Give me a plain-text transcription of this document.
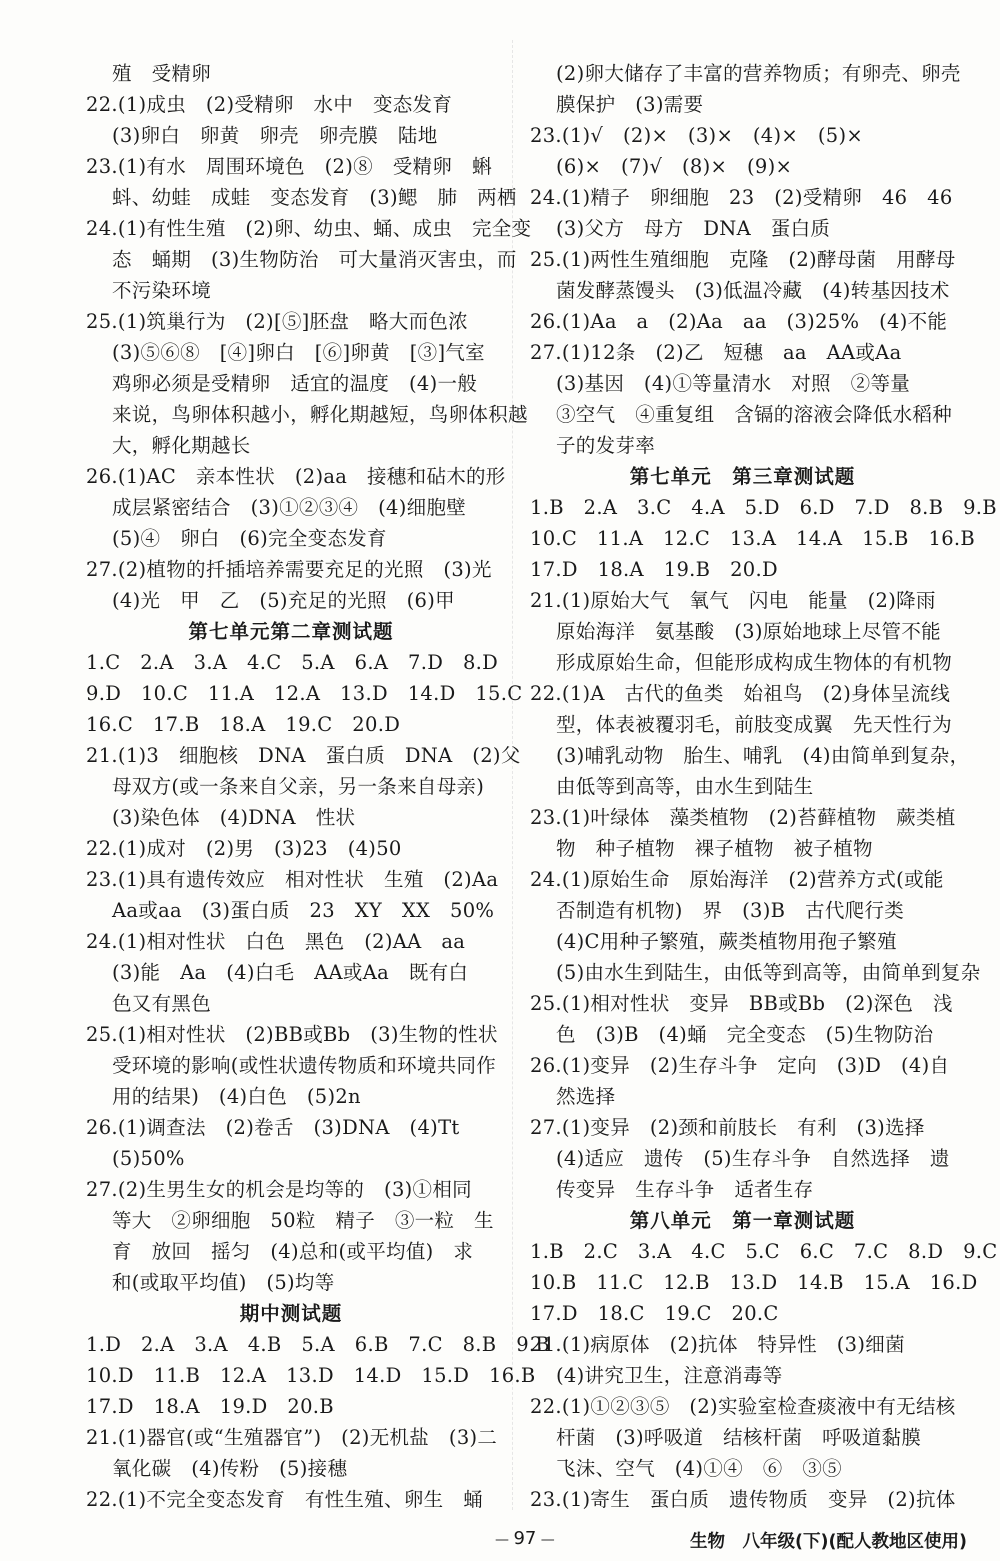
殖　受精卵
22.(1)成虫　(2)受精卵　水中　变态发育
(3)卵白　卵黄　卵壳　卵壳膜　陆地
23.(1)有水　周围环境色　(2)⑧　受精卵　蝌
蚪、幼蛙　成蛙　变态发育　(3)鳃　肺　两栖
24.(1)有性生殖　(2)卵、幼虫、蛹、成虫　完全变
态　蛹期　(3)生物防治　可大量消灭害虫，而
不污染环境
25.(1)筑巢行为　(2)[⑤]胚盘　略大而色浓
(3)⑤⑥⑧　[④]卵白　[⑥]卵黄　[③]气室
鸡卵必须是受精卵　适宜的温度　(4)一般
来说，鸟卵体积越小，孵化期越短，鸟卵体积越
大，孵化期越长
26.(1)AC　亲本性状　(2)aa　接穗和砧木的形
成层紧密结合　(3)①②③④　(4)细胞壁
(5)④　卵白　(6)完全变态发育
27.(2)植物的扦插培养需要充足的光照　(3)光
(4)光　甲　乙　(5)充足的光照　(6)甲
第七单元第二章测试题
1.C　2.A　3.A　4.C　5.A　6.A　7.D　8.D
9.D　10.C　11.A　12.A　13.D　14.D　15.C
16.C　17.B　18.A　19.C　20.D
21.(1)3　细胞核　DNA　蛋白质　DNA　(2)父
母双方(或一条来自父亲，另一条来自母亲)
(3)染色体　(4)DNA　性状
22.(1)成对　(2)男　(3)23　(4)50
23.(1)具有遗传效应　相对性状　生殖　(2)Aa
Aa或aa　(3)蛋白质　23　XY　XX　50%
24.(1)相对性状　白色　黑色　(2)AA　aa
(3)能　Aa　(4)白毛　AA或Aa　既有白
色又有黑色
25.(1)相对性状　(2)BB或Bb　(3)生物的性状
受环境的影响(或性状遗传物质和环境共同作
用的结果)　(4)白色　(5)2n
26.(1)调查法　(2)卷舌　(3)DNA　(4)Tt
(5)50%
27.(2)生男生女的机会是均等的　(3)①相同
等大　②卵细胞　50粒　精子　③一粒　生
育　放回　摇匀　(4)总和(或平均值)　求
和(或取平均值)　(5)均等
期中测试题
1.D　2.A　3.A　4.B　5.A　6.B　7.C　8.B　9.B
10.D　11.B　12.A　13.D　14.D　15.D　16.B
17.D　18.A　19.D　20.B
21.(1)器官(或“生殖器官”)　(2)无机盐　(3)二
氧化碳　(4)传粉　(5)接穗
22.(1)不完全变态发育　有性生殖、卵生　蛹
(2)卵大储存了丰富的营养物质；有卵壳、卵壳
膜保护　(3)需要
23.(1)√　(2)×　(3)×　(4)×　(5)×
(6)×　(7)√　(8)×　(9)×
24.(1)精子　卵细胞　23　(2)受精卵　46　46
(3)父方　母方　DNA　蛋白质
25.(1)两性生殖细胞　克隆　(2)酵母菌　用酵母
菌发酵蒸馒头　(3)低温冷藏　(4)转基因技术
26.(1)Aa　a　(2)Aa　aa　(3)25%　(4)不能
27.(1)12条　(2)乙　短穗　aa　AA或Aa
(3)基因　(4)①等量清水　对照　②等量
③空气　④重复组　含镉的溶液会降低水稻种
子的发芽率
第七单元　第三章测试题
1.B　2.A　3.C　4.A　5.D　6.D　7.D　8.B　9.B
10.C　11.A　12.C　13.A　14.A　15.B　16.B
17.D　18.A　19.B　20.D
21.(1)原始大气　氧气　闪电　能量　(2)降雨
原始海洋　氨基酸　(3)原始地球上尽管不能
形成原始生命，但能形成构成生物体的有机物
22.(1)A　古代的鱼类　始祖鸟　(2)身体呈流线
型，体表被覆羽毛，前肢变成翼　先天性行为
(3)哺乳动物　胎生、哺乳　(4)由简单到复杂，
由低等到高等，由水生到陆生
23.(1)叶绿体　藻类植物　(2)苔藓植物　蕨类植
物　种子植物　裸子植物　被子植物
24.(1)原始生命　原始海洋　(2)营养方式(或能
否制造有机物)　界　(3)B　古代爬行类
(4)C用种子繁殖，蕨类植物用孢子繁殖
(5)由水生到陆生，由低等到高等，由简单到复杂
25.(1)相对性状　变异　BB或Bb　(2)深色　浅
色　(3)B　(4)蛹　完全变态　(5)生物防治
26.(1)变异　(2)生存斗争　定向　(3)D　(4)自
然选择
27.(1)变异　(2)颈和前肢长　有利　(3)选择
(4)适应　遗传　(5)生存斗争　自然选择　遗
传变异　生存斗争　适者生存
第八单元　第一章测试题
1.B　2.C　3.A　4.C　5.C　6.C　7.C　8.D　9.C
10.B　11.C　12.B　13.D　14.B　15.A　16.D
17.D　18.C　19.C　20.C
21.(1)病原体　(2)抗体　特异性　(3)细菌
(4)讲究卫生，注意消毒等
22.(1)①②③⑤　(2)实验室检查痰液中有无结核
杆菌　(3)呼吸道　结核杆菌　呼吸道黏膜
飞沫、空气　(4)①④　⑥　③⑤
23.(1)寄生　蛋白质　遗传物质　变异　(2)抗体
— 97 —	生物　八年级(下)(配人教地区使用)
